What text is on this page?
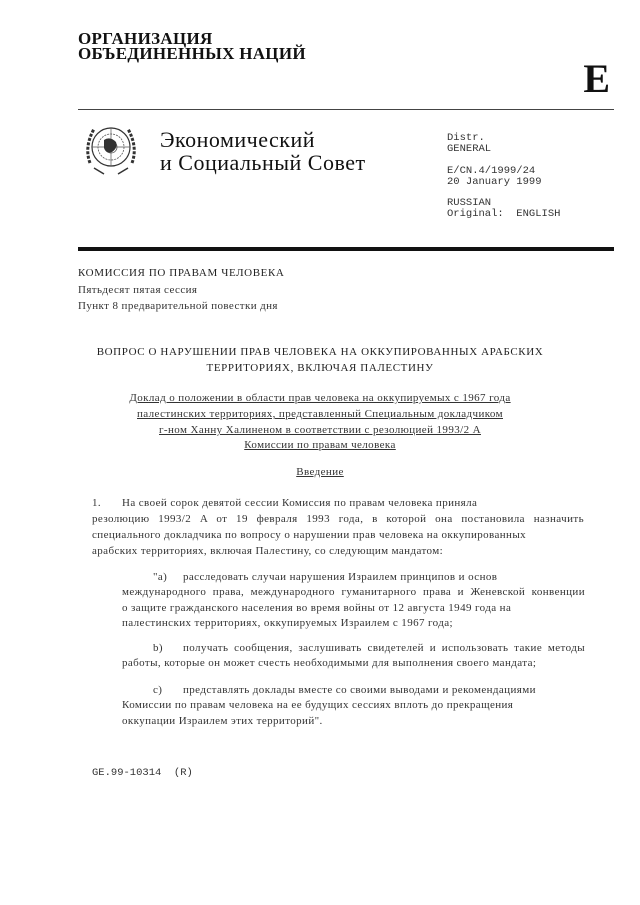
ОРГАНИЗАЦИЯ
ОБЪЕДИНЕННЫХ НАЦИЙ
E
Экономический
и Социальный Совет
Distr.
GENERAL
E/CN.4/1999/24
20 January 1999
RUSSIAN
Original:  ENGLISH
КОМИССИЯ ПО ПРАВАМ ЧЕЛОВЕКА
Пятьдесят пятая сессия
Пункт 8 предварительной повестки дня
ВОПРОС О НАРУШЕНИИ ПРАВ ЧЕЛОВЕКА НА ОККУПИРОВАННЫХ АРАБСКИХ
ТЕРРИТОРИЯХ, ВКЛЮЧАЯ ПАЛЕСТИНУ
Доклад о положении в области прав человека на оккупируемых с 1967 года
палестинских территориях, представленный Специальным докладчиком
г-ном Ханну Халиненом в соответствии с резолюцией 1993/2 A
Комиссии по правам человека
Введение
1. На своей сорок девятой сессии Комиссия по правам человека приняла
резолюцию 1993/2 A от 19 февраля 1993 года, в которой она постановила назначить
специального докладчика по вопросу о нарушении прав человека на оккупированных
арабских территориях, включая Палестину, со следующим мандатом:
"a) расследовать случаи нарушения Израилем принципов и основ
международного права, международного гуманитарного права и Женевской конвенции
о защите гражданского населения во время войны от 12 августа 1949 года на
палестинских территориях, оккупируемых Израилем с 1967 года;
b) получать сообщения, заслушивать свидетелей и использовать такие методы
работы, которые он может счесть необходимыми для выполнения своего мандата;
c) представлять доклады вместе со своими выводами и рекомендациями
Комиссии по правам человека на ее будущих сессиях вплоть до прекращения
оккупации Израилем этих территорий".
GE.99-10314  (R)
